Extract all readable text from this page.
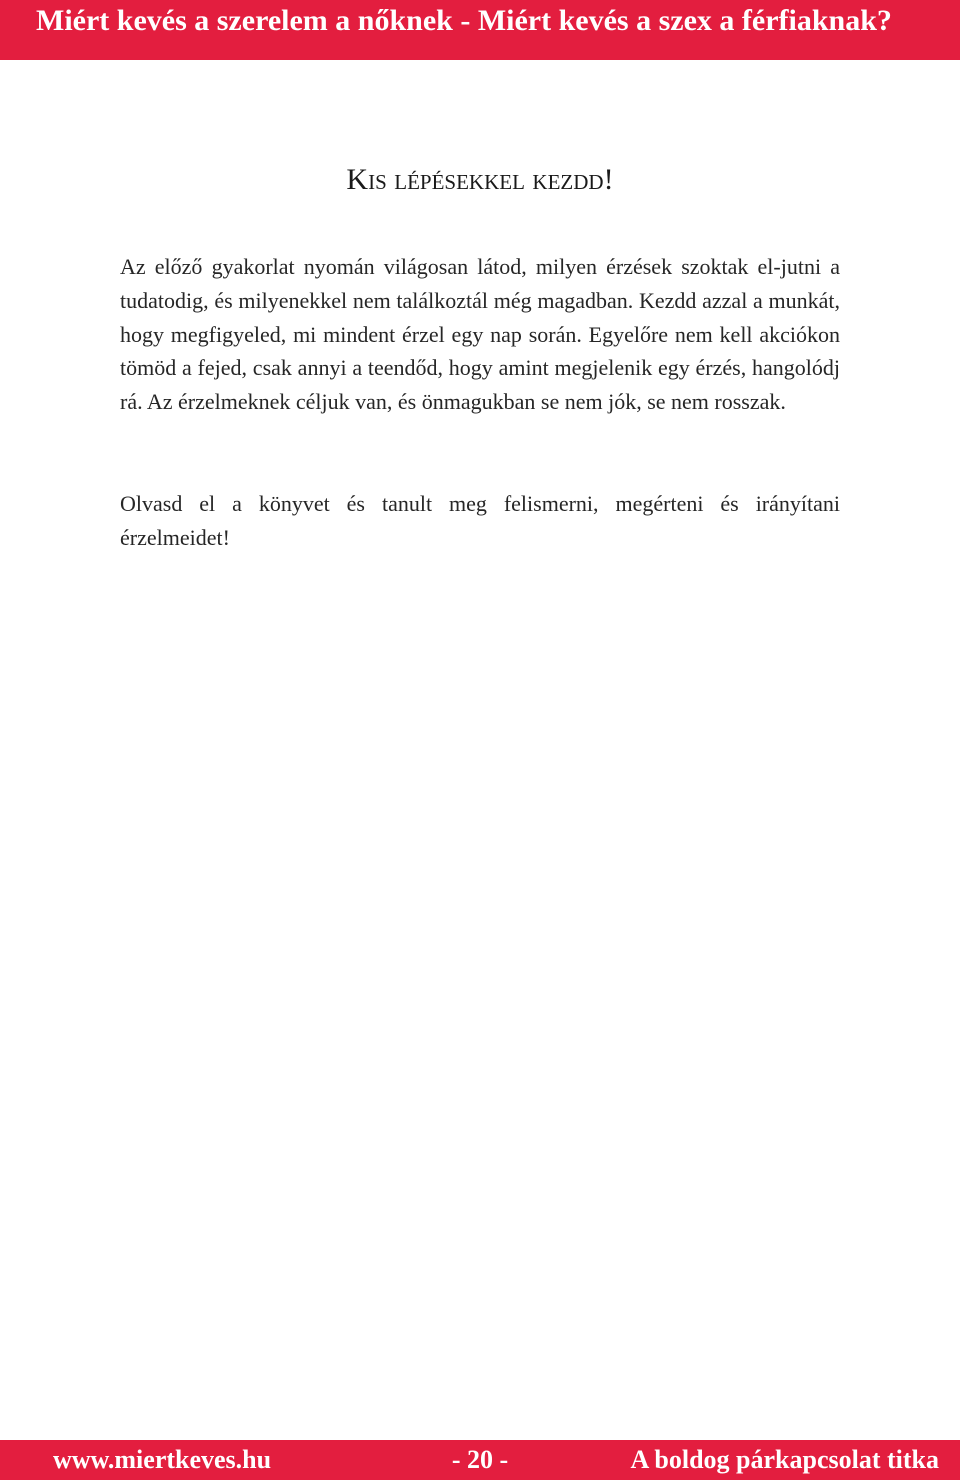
Miért kevés a szerelem a nőknek - Miért kevés a szex a férfiaknak?
Kis lépésekkel kezdd!

Az előző gyakorlat nyomán világosan látod, milyen érzések szoktak el-jutni a tudatodig, és milyenekkel nem találkoztál még magadban. Kezdd azzal a munkát, hogy megfigyeled, mi mindent érzel egy nap során. Egyelőre nem kell akciókon tömöd a fejed, csak annyi a teendőd, hogy amint megjelenik egy érzés, hangolódj rá. Az érzelmeknek céljuk van, és önmagukban se nem jók, se nem rosszak.

Olvasd el a könyvet és tanult meg felismerni, megérteni és irányítani érzelmeidet!

www.miertkeves.hu	- 20 -	A boldog párkapcsolat titka
